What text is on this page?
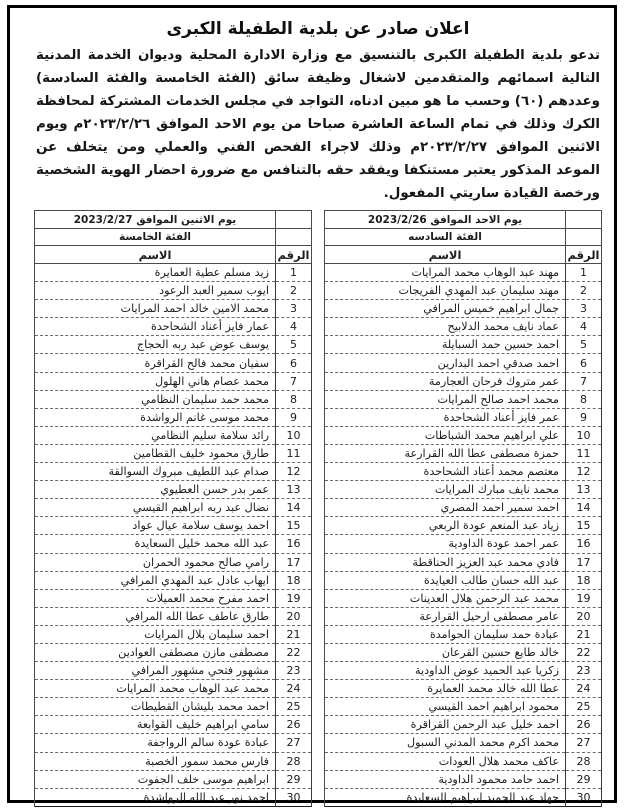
اعلان صادر عن بلدية الطفيلة الكبرى
تدعو بلدية الطفيلة الكبرى بالتنسيق مع وزارة الادارة المحلية وديوان الخدمة المدنية التالية اسمائهم والمتقدمين لاشغال وظيفة سائق (الفئة الخامسة والفئة السادسة) وعددهم (٦٠) وحسب ما هو مبين ادناه، التواجد في مجلس الخدمات المشتركة لمحافظة الكرك وذلك في تمام الساعة العاشرة صباحا من يوم الاحد الموافق ٢٠٢٣/٢/٢٦م ويوم الاثنين الموافق ٢٠٢٣/٢/٢٧م وذلك لاجراء الفحص الفني والعملي ومن يتخلف عن الموعد المذكور يعتبر مستنكفا ويفقد حقه بالتنافس مع ضرورة احضار الهوية الشخصية ورخصة القيادة ساريتي المفعول.
	يوم الاحد الموافق 2023/2/26
	الفئة السادسه
الرقم	الاسم
1	مهند عبد الوهاب محمد المرايات
2	مهند سليمان عبد المهدي الفريجات
3	جمال ابراهيم خميس المرافي
4	عماد نايف محمد الدلابيح
5	احمد حسين حمد السبايلة
6	احمد صدقي احمد البدارين
7	عمر متروك فرحان العجارمة
8	محمد احمد صالح المرايات
9	عمر فايز أعناد الشحاحدة
10	علي ابراهيم محمد الشباطات
11	حمزة مصطفى عطا الله القرارعة
12	معتصم محمد أعناد الشحاحدة
13	محمد نايف مبارك المرايات
14	احمد سمير احمد المصري
15	زياد عبد المنعم عودة الربعي
16	عمر احمد عودة الداودية
17	فادي محمد عبد العزيز الحناقطة
18	عبد الله حسان طالب العيايدة
19	محمد عبد الرحمن هلال العدينات
20	عامر مصطفى ارحيل القرارعة
21	عبادة حمد سليمان الحوامدة
22	خالد طايع حسين القرعان
23	زكريا عبد الحميد عوض الداودية
24	عطا الله خالد محمد العمايرة
25	محمود ابراهيم احمد القيسي
26	احمد خليل عبد الرحمن القراقرة
27	محمد اكرم محمد المدني السبول
28	عاكف محمد هلال العودات
29	احمد حامد محمود الداودية
30	جهاد عبد الحميد ابراهيم السعايدة
	يوم الاثنين الموافق 2023/2/27
	الفئة الخامسة
الرقم	الاسم
1	زيد مسلم عطية العمايرة
2	ايوب سمير العبد الرعود
3	محمد الامين خالد احمد المرايات
4	عمار فايز أعناد الشحاحدة
5	يوسف عوض عبد ربه الحجاج
6	سفيان محمد فالح القراقرة
7	محمد عصام هاني الهلول
8	محمد حمد سليمان النظامي
9	محمد موسى غانم الرواشدة
10	رائد سلامة سليم النظامي
11	طارق محمود خليف القطامين
12	صدام عبد اللطيف مبروك السوالقة
13	عمر بدر حسن العطيوي
14	نضال عبد ربه ابراهيم القيسي
15	احمد يوسف سلامة عيال عواد
16	عبد الله محمد خليل السعايدة
17	رامي صالح محمود الحمران
18	ايهاب عادل عبد المهدي المرافي
19	احمد مفرح محمد العميلات
20	طارق عاطف عطا الله المرافي
21	احمد سليمان بلال المرايات
22	مصطفى مازن مصطفى العوادين
23	مشهور فتحي مشهور المرافي
24	محمد عبد الوهاب محمد المرايات
25	احمد محمد بليشان القطيطات
26	سامي ابراهيم خليف القوابعة
27	عبادة عودة سالم الرواجفة
28	فارس محمد سمور الخصبة
29	ابراهيم موسى خلف الجفوت
30	احمد نور عبد الله الرواشدة
